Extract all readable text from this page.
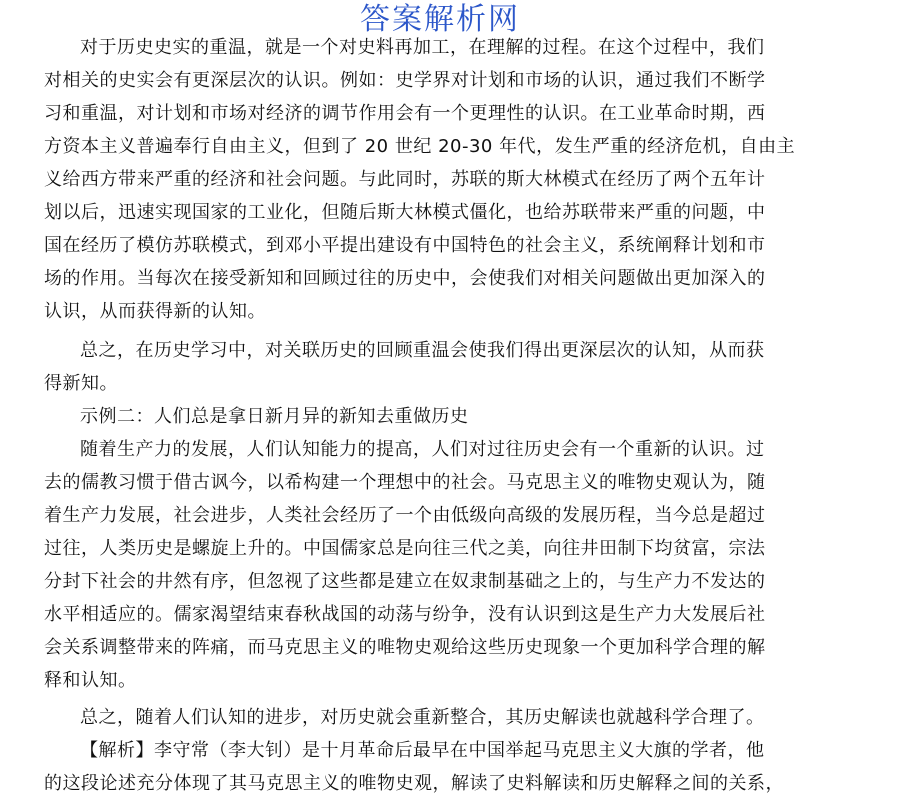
答案解析网
对于历史史实的重温，就是一个对史料再加工，在理解的过程。在这个过程中，我们
对相关的史实会有更深层次的认识。例如：史学界对计划和市场的认识，通过我们不断学
习和重温，对计划和市场对经济的调节作用会有一个更理性的认识。在工业革命时期，西
方资本主义普遍奉行自由主义，但到了 20 世纪 20-30 年代，发生严重的经济危机，自由主
义给西方带来严重的经济和社会问题。与此同时，苏联的斯大林模式在经历了两个五年计
划以后，迅速实现国家的工业化，但随后斯大林模式僵化，也给苏联带来严重的问题，中
国在经历了模仿苏联模式，到邓小平提出建设有中国特色的社会主义，系统阐释计划和市
场的作用。当每次在接受新知和回顾过往的历史中，会使我们对相关问题做出更加深入的
认识，从而获得新的认知。
总之，在历史学习中，对关联历史的回顾重温会使我们得出更深层次的认知，从而获
得新知。
示例二：人们总是拿日新月异的新知去重做历史
随着生产力的发展，人们认知能力的提高，人们对过往历史会有一个重新的认识。过
去的儒教习惯于借古讽今，以希构建一个理想中的社会。马克思主义的唯物史观认为，随
着生产力发展，社会进步，人类社会经历了一个由低级向高级的发展历程，当今总是超过
过往，人类历史是螺旋上升的。中国儒家总是向往三代之美，向往井田制下均贫富，宗法
分封下社会的井然有序，但忽视了这些都是建立在奴隶制基础之上的，与生产力不发达的
水平相适应的。儒家渴望结束春秋战国的动荡与纷争，没有认识到这是生产力大发展后社
会关系调整带来的阵痛，而马克思主义的唯物史观给这些历史现象一个更加科学合理的解
释和认知。
总之，随着人们认知的进步，对历史就会重新整合，其历史解读也就越科学合理了。
【解析】李守常（李大钊）是十月革命后最早在中国举起马克思主义大旗的学者，他
的这段论述充分体现了其马克思主义的唯物史观，解读了史料解读和历史解释之间的关系，
